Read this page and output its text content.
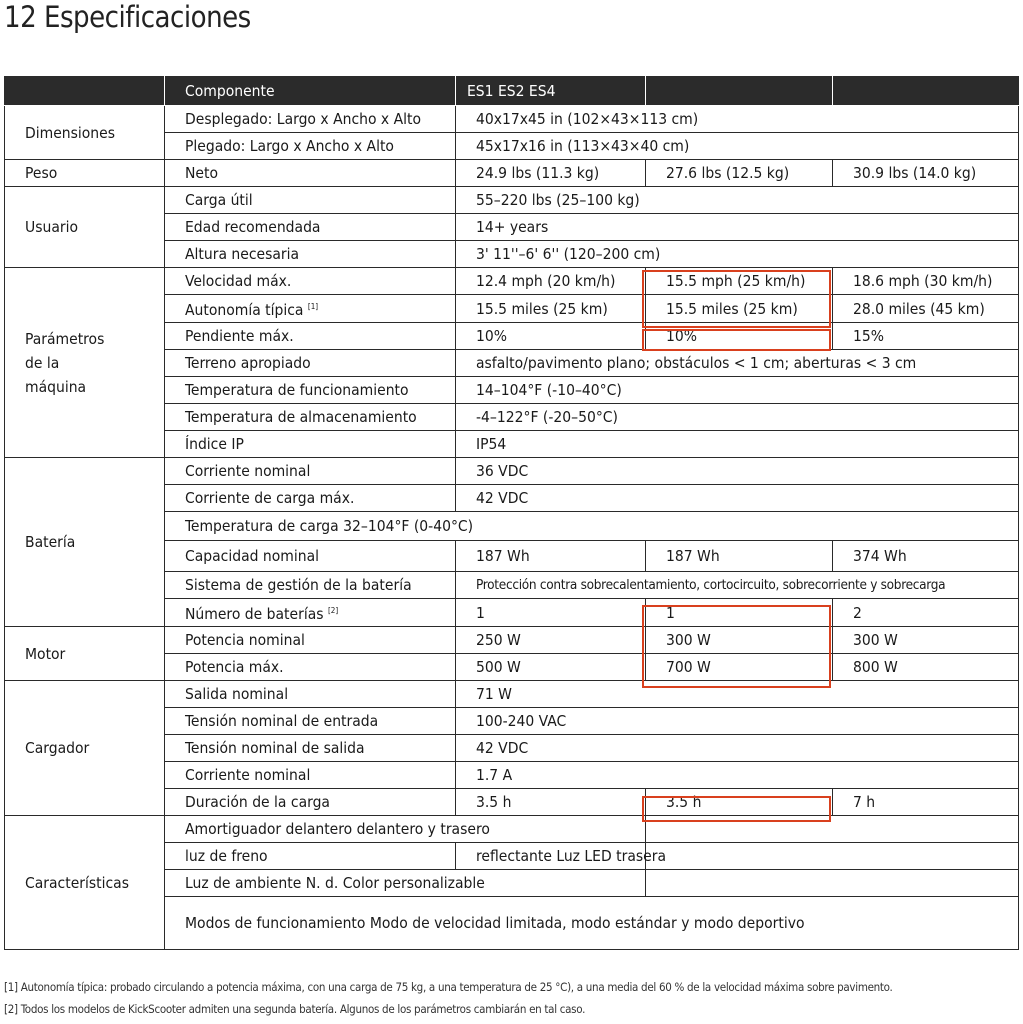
12 Especificaciones
	Componente	ES1 ES2 ES4		
Dimensiones	Desplegado: Largo x Ancho x Alto	40x17x45 in (102×43×113 cm)		
	Plegado: Largo x Ancho x Alto	45x17x16 in (113×43×40 cm)		
Peso	Neto	24.9 lbs (11.3 kg)	27.6 lbs (12.5 kg)	30.9 lbs (14.0 kg)
Usuario	Carga útil	55–220 lbs (25–100 kg)		
	Edad recomendada	14+ years		
	Altura necesaria	3' 11''–6' 6'' (120–200 cm)		

Parámetros de la máquina	Velocidad máx.	12.4 mph (20 km/h)	15.5 mph (25 km/h)	18.6 mph (30 km/h)
	Autonomía típica [1]	15.5 miles (25 km)	15.5 miles (25 km)	28.0 miles (45 km)
	Pendiente máx.	10%	10%	15%
	Terreno apropiado	asfalto/pavimento plano; obstáculos < 1 cm; aberturas < 3 cm		
	Temperatura de funcionamiento	14–104°F (-10–40°C)		
	Temperatura de almacenamiento	-4–122°F (-20–50°C)		
	Índice IP	IP54		
Batería	Corriente nominal	36 VDC		
	Corriente de carga máx.	42 VDC		
	Temperatura de carga 32–104°F (0-40°C)			
	Capacidad nominal	187 Wh	187 Wh	374 Wh
	Sistema de gestión de la batería	Protección contra sobrecalentamiento, cortocircuito, sobrecorriente y sobrecarga		
	Número de baterías [2]	1	1	2
Motor	Potencia nominal	250 W	300 W	300 W
	Potencia máx.	500 W	700 W	800 W
Cargador	Salida nominal	71 W		
	Tensión nominal de entrada	100-240 VAC		
	Tensión nominal de salida	42 VDC		
	Corriente nominal	1.7 A		
	Duración de la carga	3.5 h	3.5 h	7 h
Características	Amortiguador delantero delantero y trasero			
	luz de freno	reflectante Luz LED trasera		
	Luz de ambiente N. d. Color personalizable			
	Modos de funcionamiento Modo de velocidad limitada, modo estándar y modo deportivo			
[1] Autonomía típica: probado circulando a potencia máxima, con una carga de 75 kg, a una temperatura de 25 °C), a una media del 60 % de la velocidad máxima sobre pavimento.
[2] Todos los modelos de KickScooter admiten una segunda batería. Algunos de los parámetros cambiarán en tal caso.
